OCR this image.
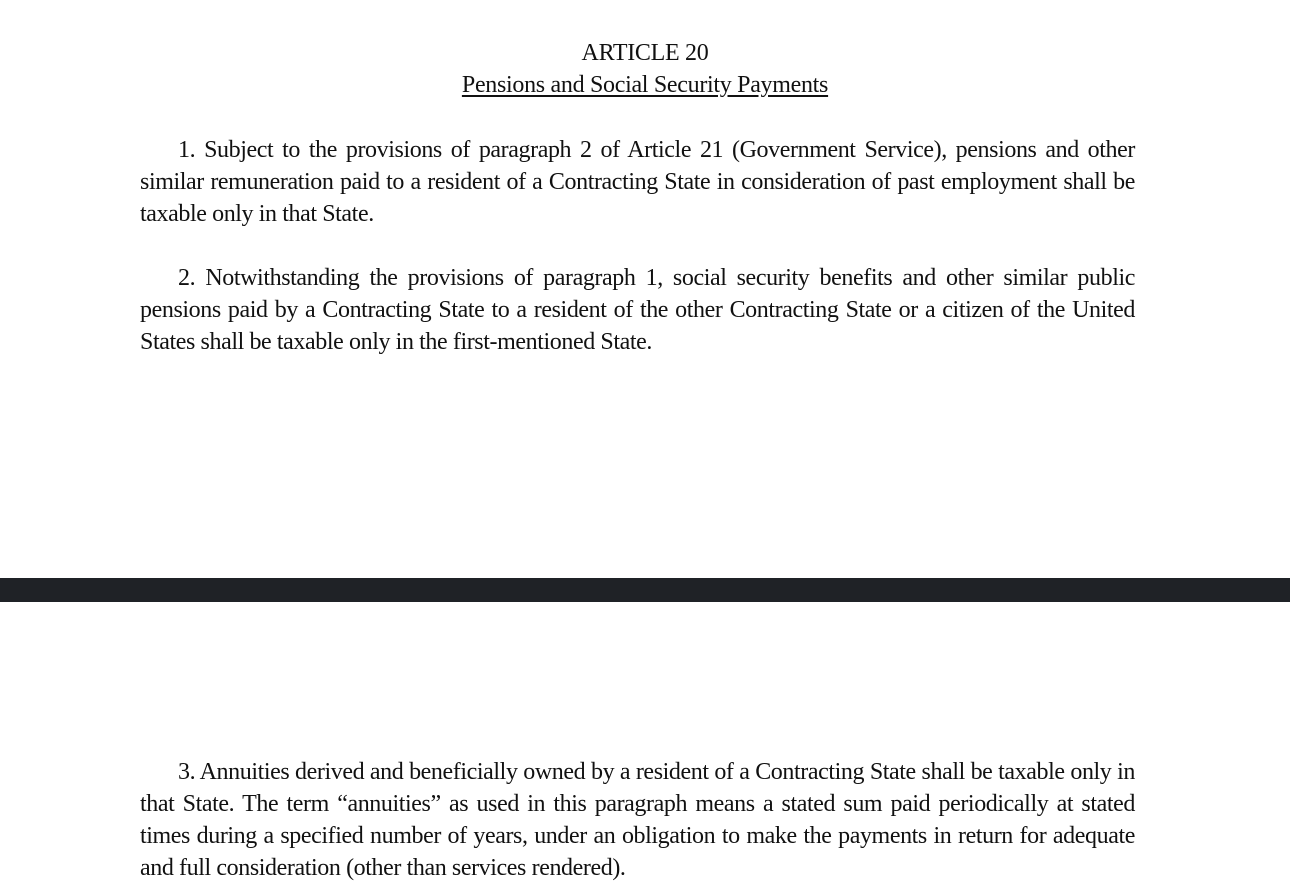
ARTICLE 20
Pensions and Social Security Payments

1. Subject to the provisions of paragraph 2 of Article 21 (Government Service), pensions and other similar remuneration paid to a resident of a Contracting State in consideration of past employment shall be taxable only in that State.

2. Notwithstanding the provisions of paragraph 1, social security benefits and other similar public pensions paid by a Contracting State to a resident of the other Contracting State or a citizen of the United States shall be taxable only in the first-mentioned State.

3. Annuities derived and beneficially owned by a resident of a Contracting State shall be taxable only in that State. The term “annuities” as used in this paragraph means a stated sum paid periodically at stated times during a specified number of years, under an obligation to make the payments in return for adequate and full consideration (other than services rendered).
